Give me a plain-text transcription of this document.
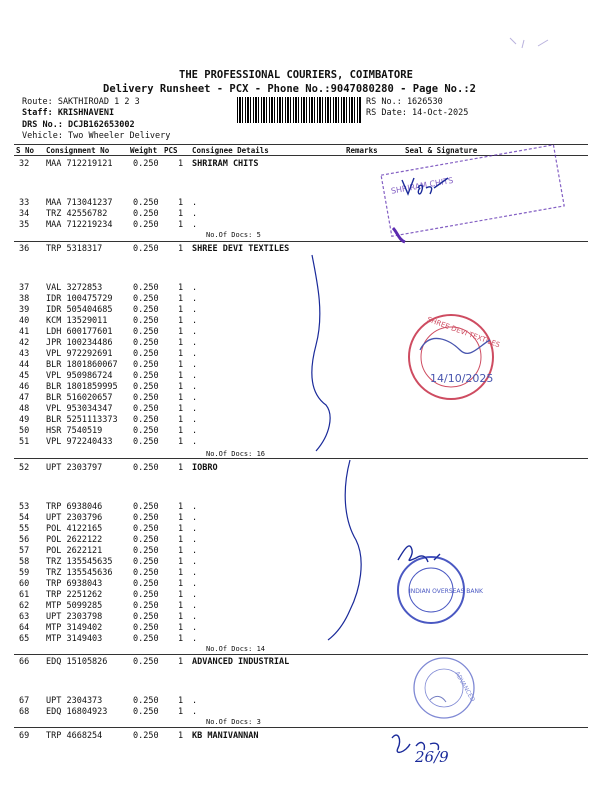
THE PROFESSIONAL COURIERS, COIMBATORE
Delivery Runsheet - PCX - Phone No.:9047080280 - Page No.:2
Route: SAKTHIROAD 1 2 3
Staff: KRISHNAVENI
DRS No.: DCJB162653002
Vehicle: Two Wheeler Delivery
RS No.: 1626530
RS Date: 14-Oct-2025
S No Consignment No	Weight PCS Consignee Details	Remarks	Seal & Signature
32 MAA 712219121 0.250 1 SHRIRAM CHITS
33 MAA 713041237 0.250 1 .
34 TRZ 42556782	0.250 1 .
35 MAA 712219234 0.250 1 .
No.Of Docs: 5
36 TRP 5318317	0.250 1 SHREE DEVI TEXTILES
37 VAL 3272853	0.250 1 .
38 IDR 100475729 0.250 1 .
39 IDR 505404685 0.250 1 .
40 KCM 13529011	0.250 1 .
41 LDH 600177601 0.250 1 .
42 JPR 100234486 0.250 1 .
43 VPL 972292691 0.250 1 .
44 BLR 1801860067 0.250 1 .
45 VPL 950986724 0.250 1 .
46 BLR 1801859995 0.250 1 .
47 BLR 516020657 0.250 1 .
48 VPL 953034347 0.250 1 .
49 BLR 5251113373 0.250 1 .
50 HSR 7540519	0.250 1 .
51 VPL 972240433 0.250 1 .
No.Of Docs: 16
52 UPT 2303797	0.250 1 IOBRO
53 TRP 6938046	0.250 1 .
54 UPT 2303796	0.250 1 .
55 POL 4122165	0.250 1 .
56 POL 2622122	0.250 1 .
57 POL 2622121	0.250 1 .
58 TRZ 135545635 0.250 1 .
59 TRZ 135545636 0.250 1 .
60 TRP 6938043	0.250 1 .
61 TRP 2251262	0.250 1 .
62 MTP 5099285	0.250 1 .
63 UPT 2303798	0.250 1 .
64 MTP 3149402	0.250 1 .
65 MTP 3149403	0.250 1 .
No.Of Docs: 14
66 EDQ 15105826	0.250 1 ADVANCED INDUSTRIAL
67 UPT 2304373	0.250 1 .
68 EDQ 16804923	0.250 1 .
No.Of Docs: 3
69 TRP 4668254	0.250 1 KB MANIVANNAN
SHRIRAM CHITS
SHREE DEVI TEXTILES
14/10/2025
INDIAN OVERSEAS BANK
ADVANCED
26/9
